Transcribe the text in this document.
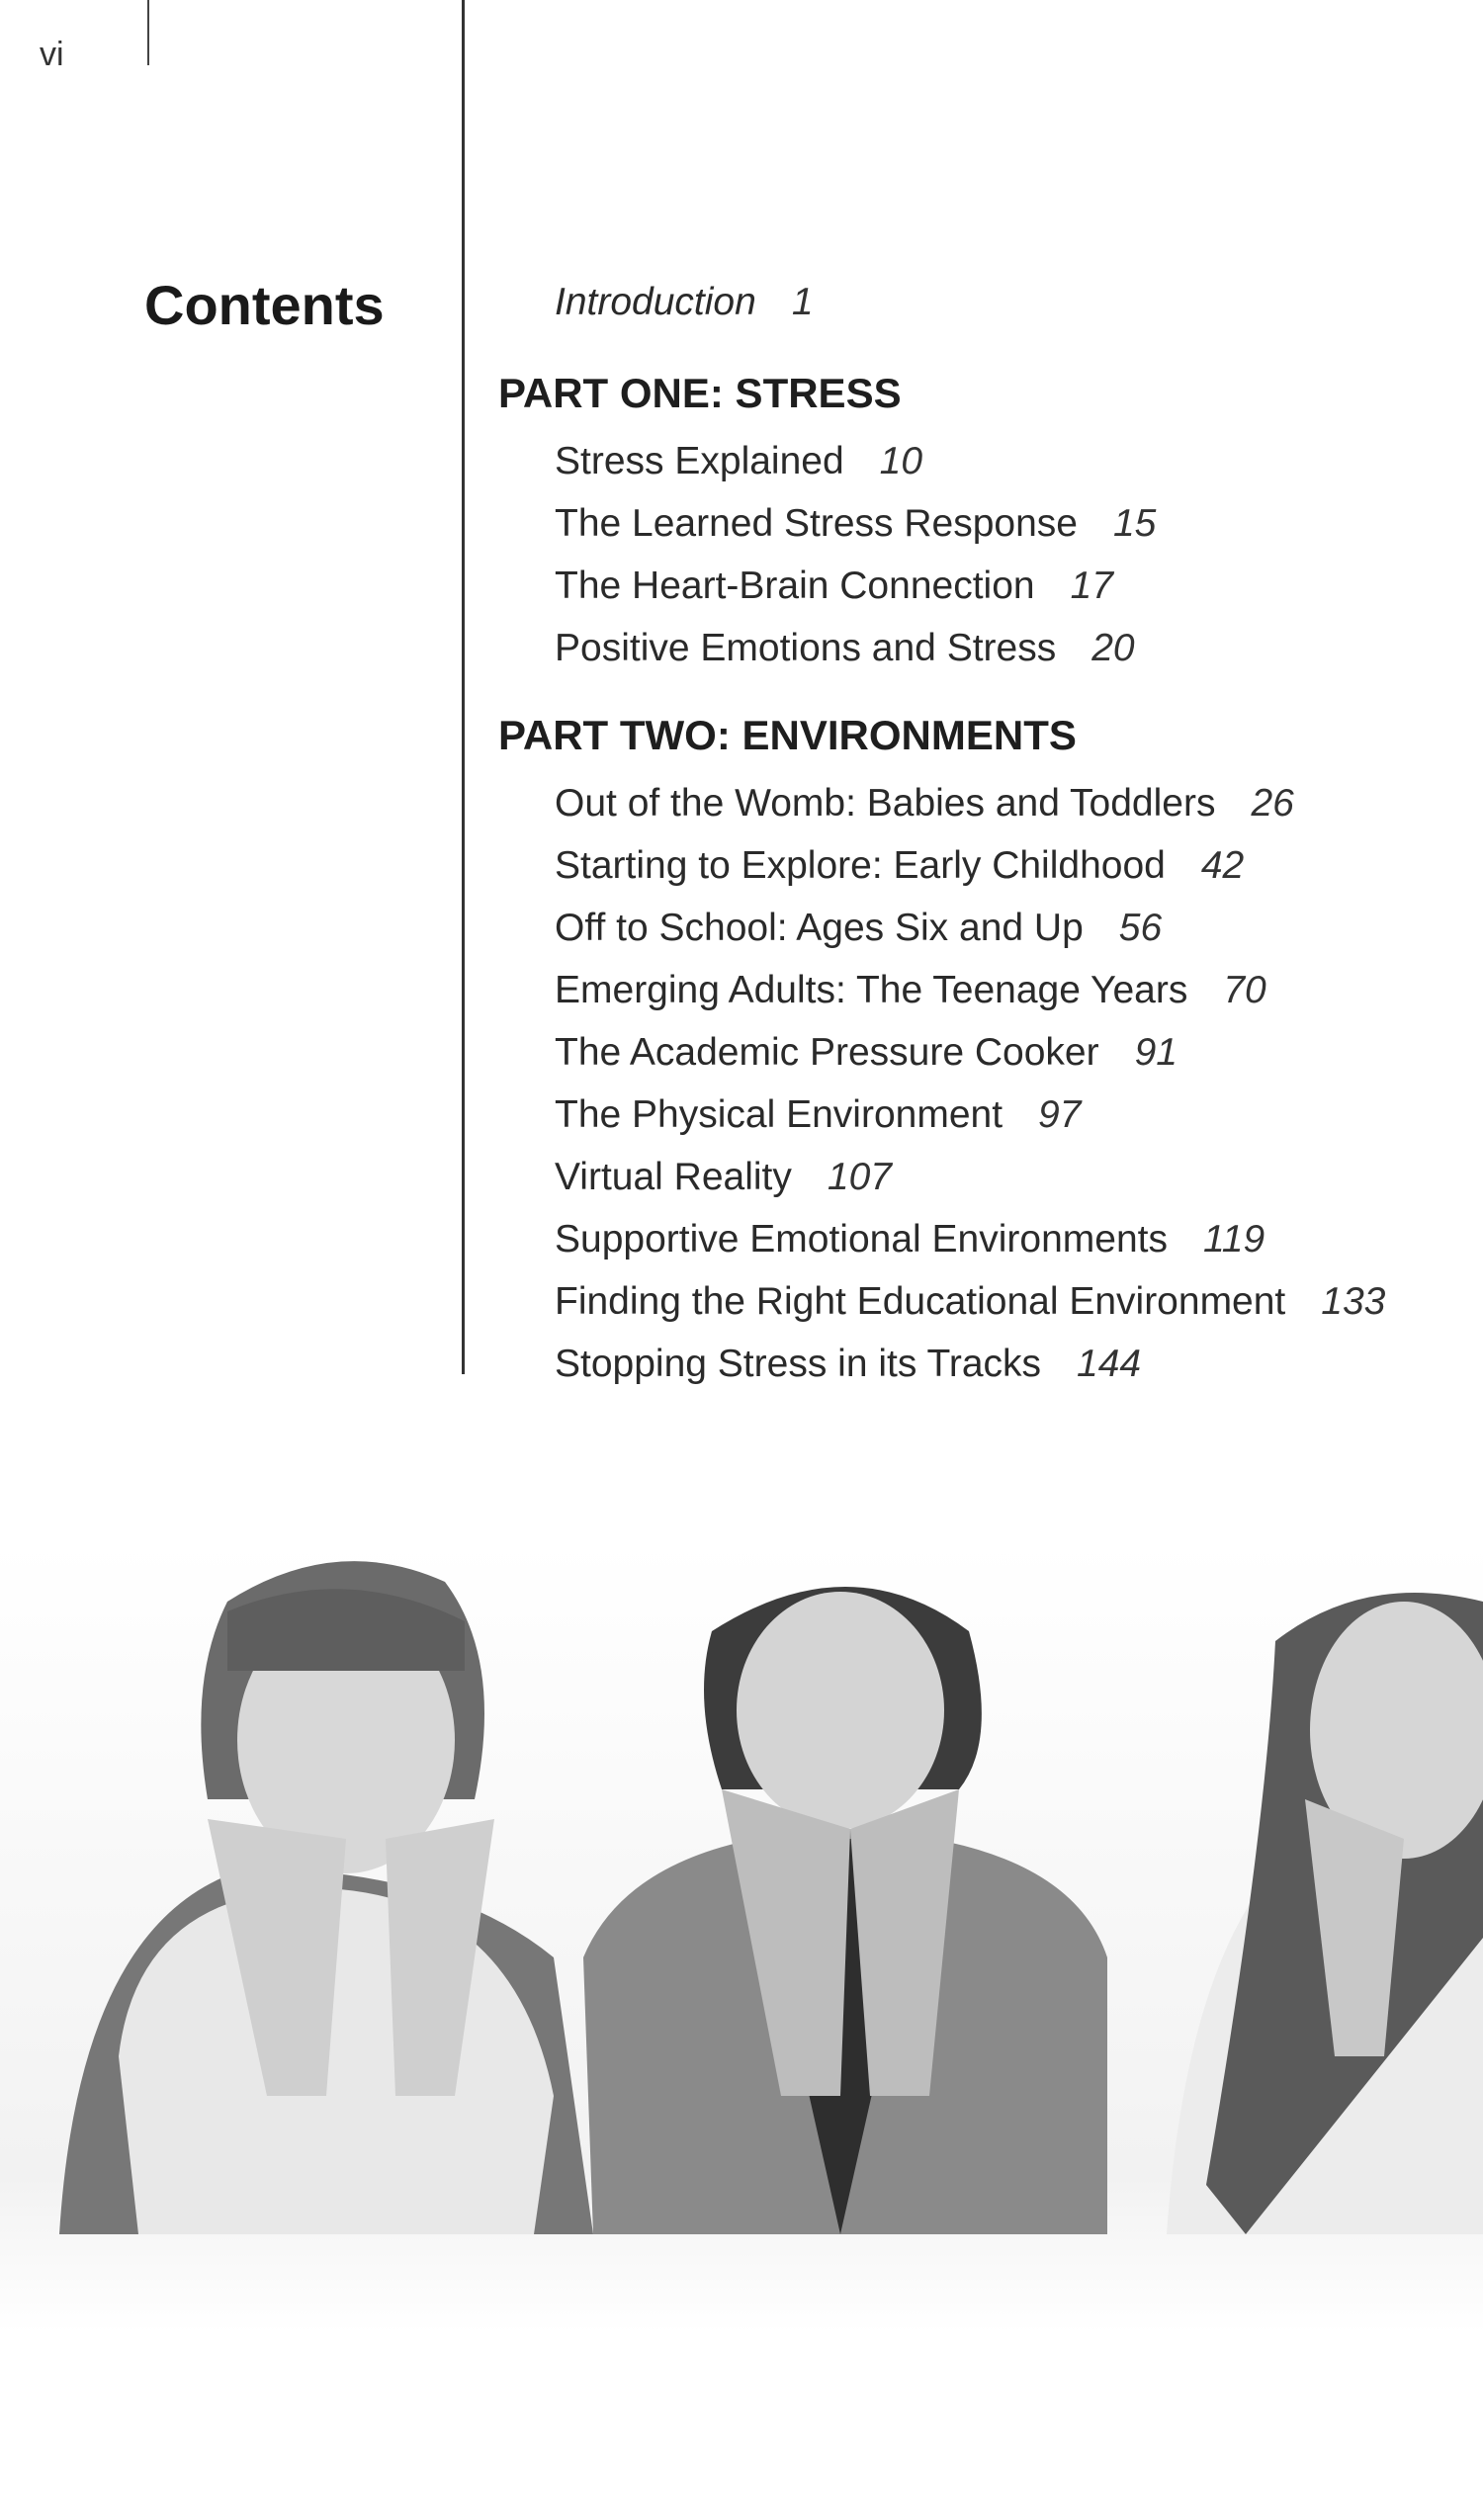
vi
Contents	Introduction 1
PART ONE: STRESS
Stress Explained 10
The Learned Stress Response 15
The Heart-Brain Connection 17
Positive Emotions and Stress 20
PART TWO: ENVIRONMENTS
Out of the Womb: Babies and Toddlers 26
Starting to Explore: Early Childhood 42
Off to School: Ages Six and Up 56
Emerging Adults: The Teenage Years 70
The Academic Pressure Cooker 91
The Physical Environment 97
Virtual Reality 107
Supportive Emotional Environments 119
Finding the Right Educational Environment 133
Stopping Stress in its Tracks 144
